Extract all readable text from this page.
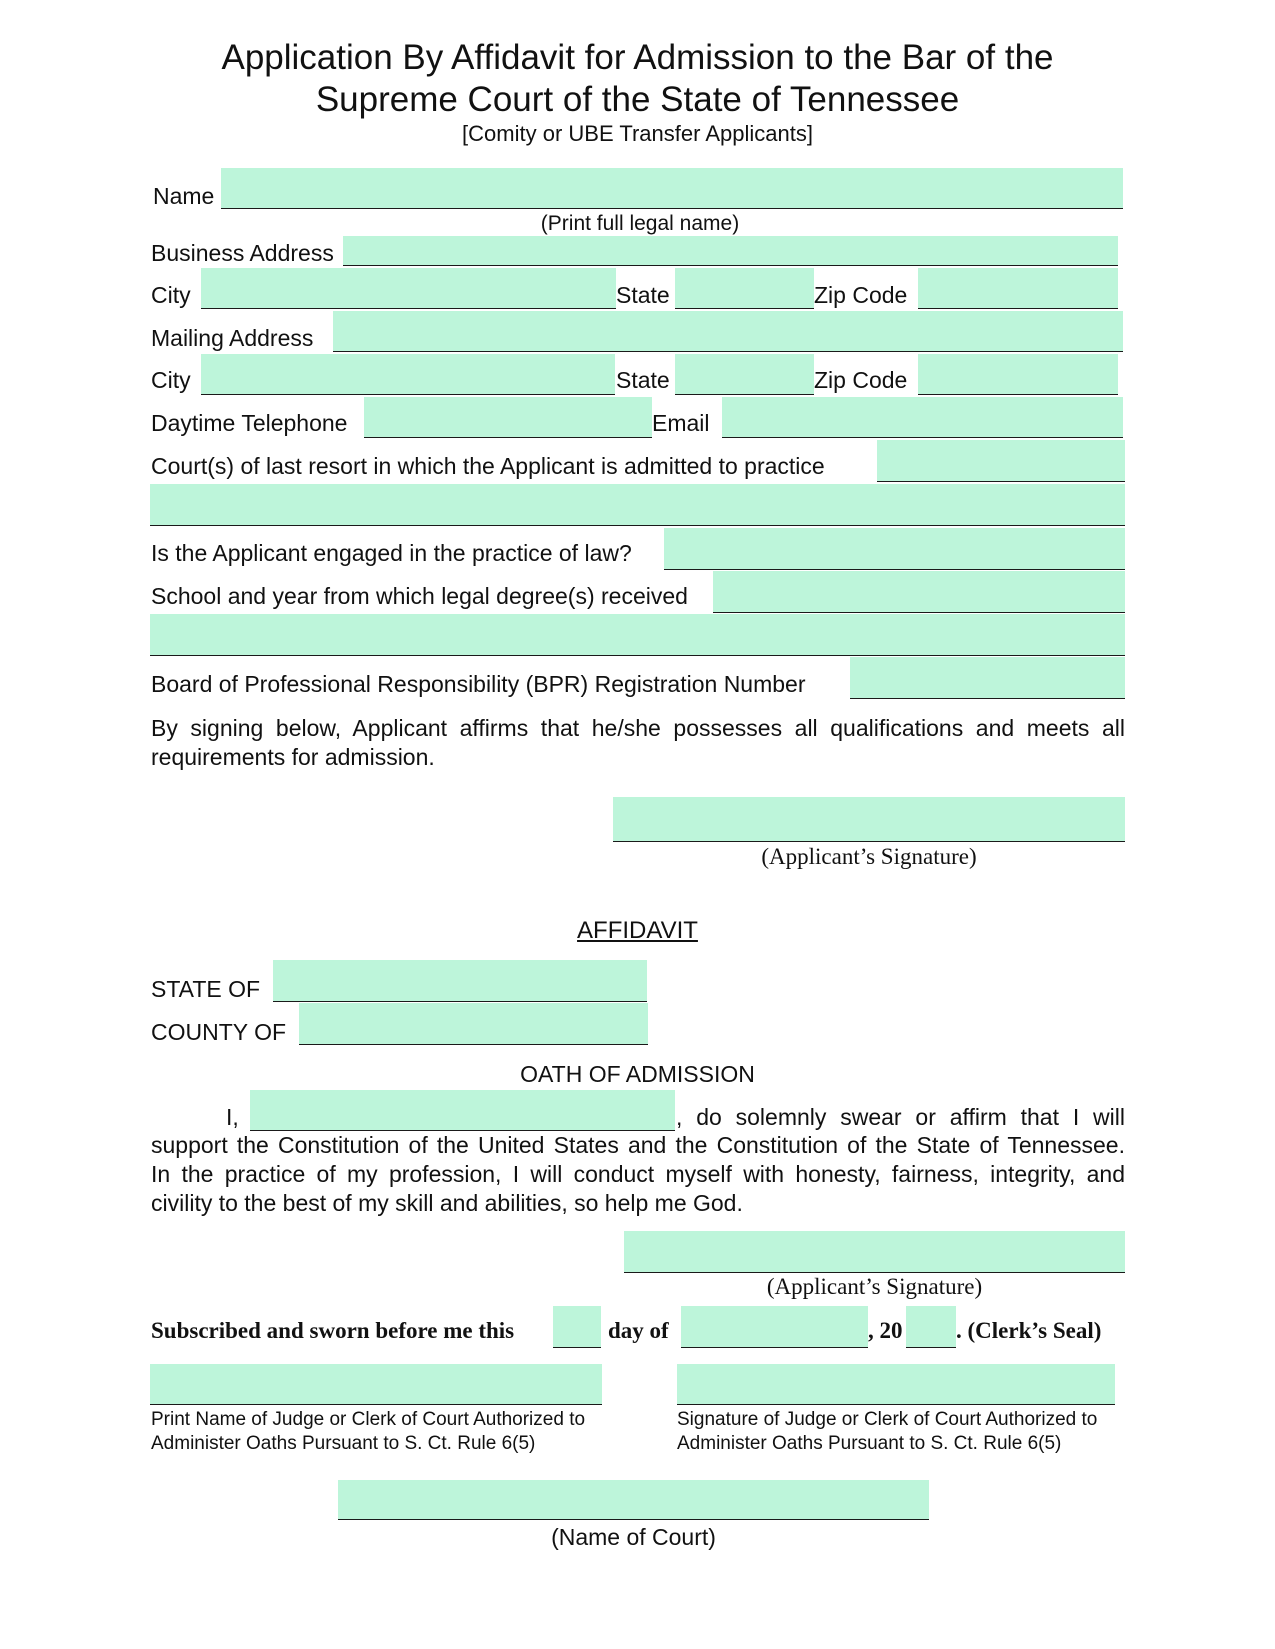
Application By Affidavit for Admission to the Bar of the
Supreme Court of the State of Tennessee
[Comity or UBE Transfer Applicants]
Name
(Print full legal name)
Business Address
City	State	Zip Code
Mailing Address
City	State	Zip Code
Daytime Telephone	Email
Court(s) of last resort in which the Applicant is admitted to practice
Is the Applicant engaged in the practice of law?
School and year from which legal degree(s) received
Board of Professional Responsibility (BPR) Registration Number
By signing below, Applicant affirms that he/she possesses all qualifications and meets all
requirements for admission.
(Applicant’s Signature)
AFFIDAVIT
STATE OF
COUNTY OF
OATH OF ADMISSION
I,	, do solemnly swear or affirm that I will
support the Constitution of the United States and the Constitution of the State of Tennessee.
In the practice of my profession, I will conduct myself with honesty, fairness, integrity, and
civility to the best of my skill and abilities, so help me God.
(Applicant’s Signature)
Subscribed and sworn before me this	day of	, 20 . (Clerk’s Seal)
Print Name of Judge or Clerk of Court Authorized to
Administer Oaths Pursuant to S. Ct. Rule 6(5)
Signature of Judge or Clerk of Court Authorized to
Administer Oaths Pursuant to S. Ct. Rule 6(5)
(Name of Court)
